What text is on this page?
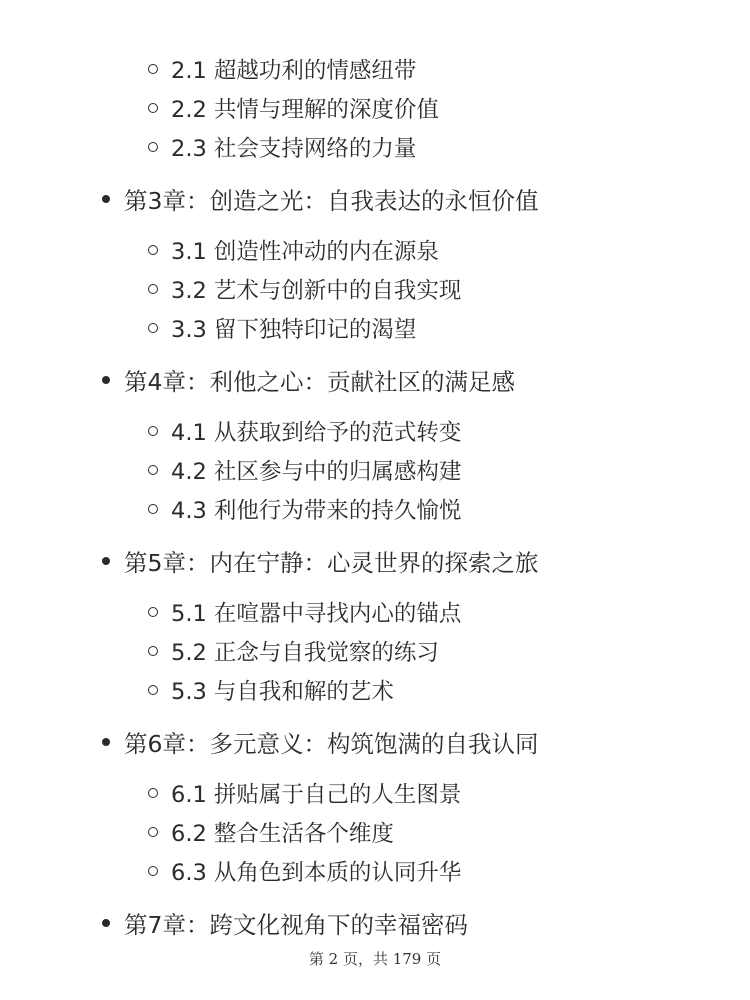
2.1 超越功利的情感纽带
2.2 共情与理解的深度价值
2.3 社会支持网络的力量
第3章：创造之光：自我表达的永恒价值
3.1 创造性冲动的内在源泉
3.2 艺术与创新中的自我实现
3.3 留下独特印记的渴望
第4章：利他之心：贡献社区的满足感
4.1 从获取到给予的范式转变
4.2 社区参与中的归属感构建
4.3 利他行为带来的持久愉悦
第5章：内在宁静：心灵世界的探索之旅
5.1 在喧嚣中寻找内心的锚点
5.2 正念与自我觉察的练习
5.3 与自我和解的艺术
第6章：多元意义：构筑饱满的自我认同
6.1 拼贴属于自己的人生图景
6.2 整合生活各个维度
6.3 从角色到本质的认同升华
第7章：跨文化视角下的幸福密码
第 2 页，共 179 页
